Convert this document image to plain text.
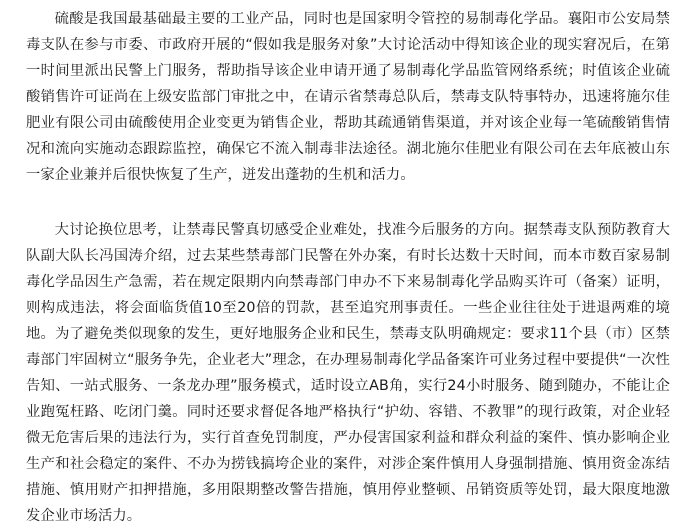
硫酸是我国最基础最主要的工业产品，同时也是国家明令管控的易制毒化学品。襄阳市公安局禁毒支队在参与市委、市政府开展的“假如我是服务对象”大讨论活动中得知该企业的现实窘况后，在第一时间里派出民警上门服务，帮助指导该企业申请开通了易制毒化学品监管网络系统；时值该企业硫酸销售许可证尚在上级安监部门审批之中，在请示省禁毒总队后，禁毒支队特事特办，迅速将施尔佳肥业有限公司由硫酸使用企业变更为销售企业，帮助其疏通销售渠道，并对该企业每一笔硫酸销售情况和流向实施动态跟踪监控，确保它不流入制毒非法途径。湖北施尔佳肥业有限公司在去年底被山东一家企业兼并后很快恢复了生产，迸发出蓬勃的生机和活力。

大讨论换位思考，让禁毒民警真切感受企业难处，找准今后服务的方向。据禁毒支队预防教育大队副大队长冯国涛介绍，过去某些禁毒部门民警在外办案，有时长达数十天时间，而本市数百家易制毒化学品因生产急需，若在规定限期内向禁毒部门申办不下来易制毒化学品购买许可（备案）证明，则构成违法，将会面临货值10至20倍的罚款，甚至追究刑事责任。一些企业往往处于进退两难的境地。为了避免类似现象的发生，更好地服务企业和民生，禁毒支队明确规定：要求11个县（市）区禁毒部门牢固树立“服务争先，企业老大”理念，在办理易制毒化学品备案许可业务过程中要提供“一次性告知、一站式服务、一条龙办理”服务模式，适时设立AB角，实行24小时服务、随到随办，不能让企业跑冤枉路、吃闭门羹。同时还要求督促各地严格执行“护幼、容错、不教罪”的现行政策，对企业轻微无危害后果的违法行为，实行首查免罚制度，严办侵害国家利益和群众利益的案件、慎办影响企业生产和社会稳定的案件、不办为捞钱搞垮企业的案件，对涉企案件慎用人身强制措施、慎用资金冻结措施、慎用财产扣押措施，多用限期整改警告措施，慎用停业整顿、吊销资质等处罚，最大限度地激发企业市场活力。
